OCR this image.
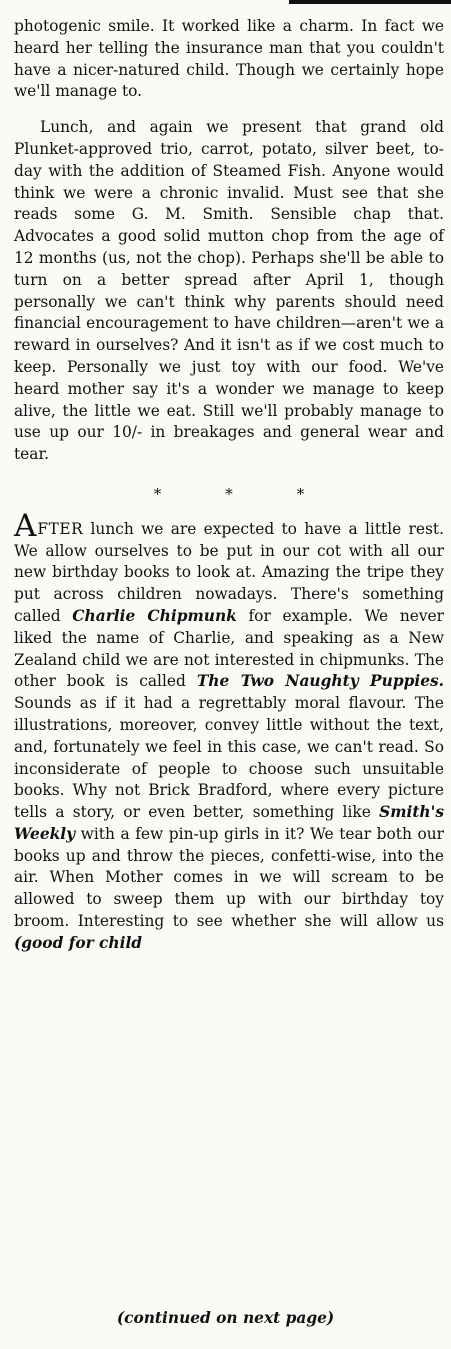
photogenic smile. It worked like a charm. In fact we heard her telling the insurance man that you couldn't have a nicer-natured child. Though we certainly hope we'll manage to.

Lunch, and again we present that grand old Plunket-approved trio, carrot, potato, silver beet, to-day with the addition of Steamed Fish. Anyone would think we were a chronic invalid. Must see that she reads some G. M. Smith. Sensible chap that. Advocates a good solid mutton chop from the age of 12 months (us, not the chop). Perhaps she'll be able to turn on a better spread after April 1, though personally we can't think why parents should need financial encouragement to have children—aren't we a reward in ourselves? And it isn't as if we cost much to keep. Personally we just toy with our food. We've heard mother say it's a wonder we manage to keep alive, the little we eat. Still we'll probably manage to use up our 10/- in breakages and general wear and tear.

*	*	*

AFTER lunch we are expected to have a little rest. We allow ourselves to be put in our cot with all our new birthday books to look at. Amazing the tripe they put across children nowadays. There's something called Charlie Chipmunk for example. We never liked the name of Charlie, and speaking as a New Zealand child we are not interested in chipmunks. The other book is called The Two Naughty Puppies. Sounds as if it had a regrettably moral flavour. The illustrations, moreover, convey little without the text, and, fortunately we feel in this case, we can't read. So inconsiderate of people to choose such unsuitable books. Why not Brick Bradford, where every picture tells a story, or even better, something like Smith's Weekly with a few pin-up girls in it? We tear both our books up and throw the pieces, confetti-wise, into the air. When Mother comes in we will scream to be allowed to sweep them up with our birthday toy broom. Interesting to see whether she will allow us (good for child

(continued on next page)
